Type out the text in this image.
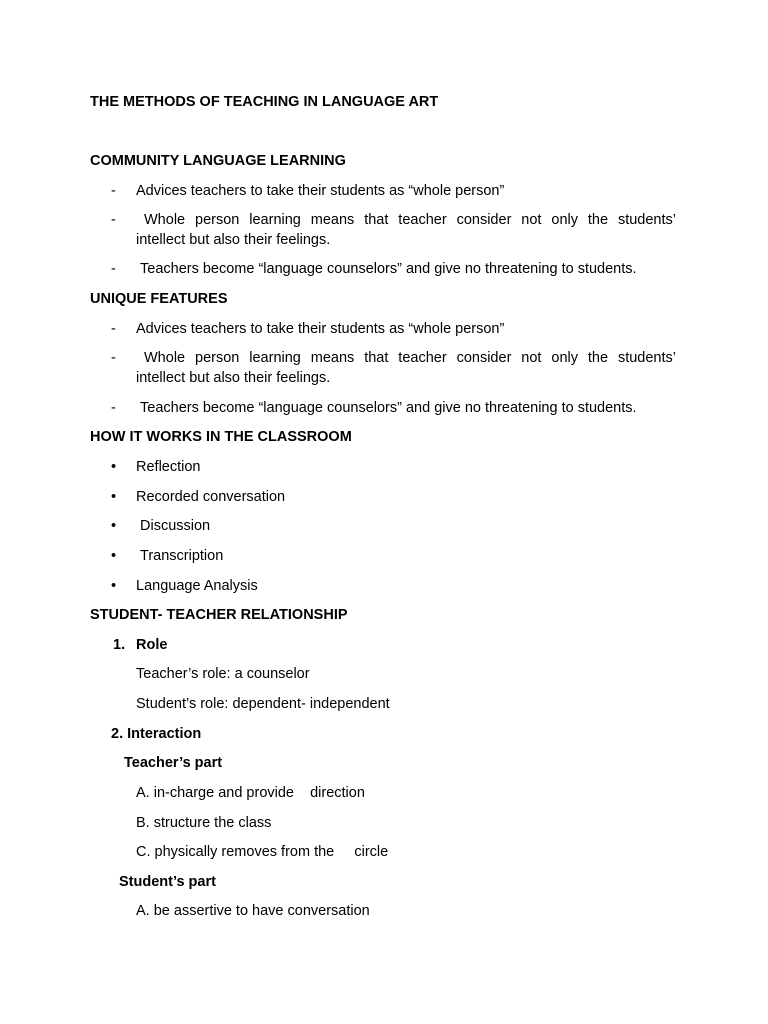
THE METHODS OF TEACHING IN LANGUAGE ART
COMMUNITY LANGUAGE LEARNING
-	Advices teachers to take their students as “whole person”
-	Whole person learning means that teacher consider not only the students’
intellect but also their feelings.
-	Teachers become “language counselors” and give no threatening to students.
UNIQUE FEATURES
-	Advices teachers to take their students as “whole person”
-	Whole person learning means that teacher consider not only the students’
intellect but also their feelings.
-	Teachers become “language counselors” and give no threatening to students.
HOW IT WORKS IN THE CLASSROOM
•	Reflection
•	Recorded conversation
•	Discussion
•	Transcription
•	Language Analysis
STUDENT- TEACHER RELATIONSHIP
1. Role
Teacher’s role: a counselor
Student’s role: dependent- independent
2. Interaction
Teacher’s part
A. in-charge and provide    direction
B. structure the class
C. physically removes from the     circle
Student’s part
A. be assertive to have conversation
